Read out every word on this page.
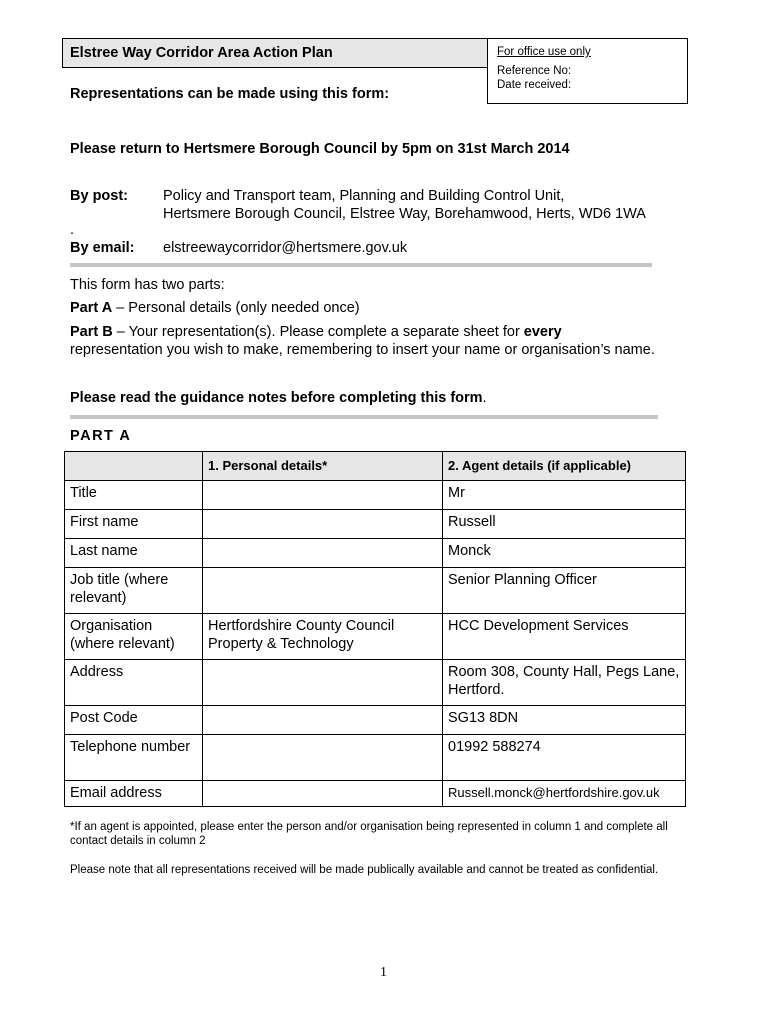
Elstree Way Corridor Area Action Plan
Representations can be made using this form:
For office use only
Reference No:
Date received:
Please return to Hertsmere Borough Council by 5pm on 31st March 2014
By post: Policy and Transport team, Planning and Building Control Unit,
Hertsmere Borough Council, Elstree Way, Borehamwood, Herts, WD6 1WA
.
By email: elstreewaycorridor@hertsmere.gov.uk
This form has two parts:
Part A – Personal details (only needed once)
Part B – Your representation(s). Please complete a separate sheet for every
representation you wish to make, remembering to insert your name or organisation’s name.
Please read the guidance notes before completing this form.
PART A
	1. Personal details*	2. Agent details (if applicable)
Title		Mr
First name		Russell
Last name		Monck
Job title (where relevant)		Senior Planning Officer
Organisation (where relevant)	Hertfordshire County Council Property & Technology	HCC Development Services
Address		Room 308, County Hall, Pegs Lane, Hertford.
Post Code		SG13 8DN
Telephone number		01992 588274
Email address		Russell.monck@hertfordshire.gov.uk
*If an agent is appointed, please enter the person and/or organisation being represented in column 1 and complete all contact details in column 2
Please note that all representations received will be made publically available and cannot be treated as confidential.
1
